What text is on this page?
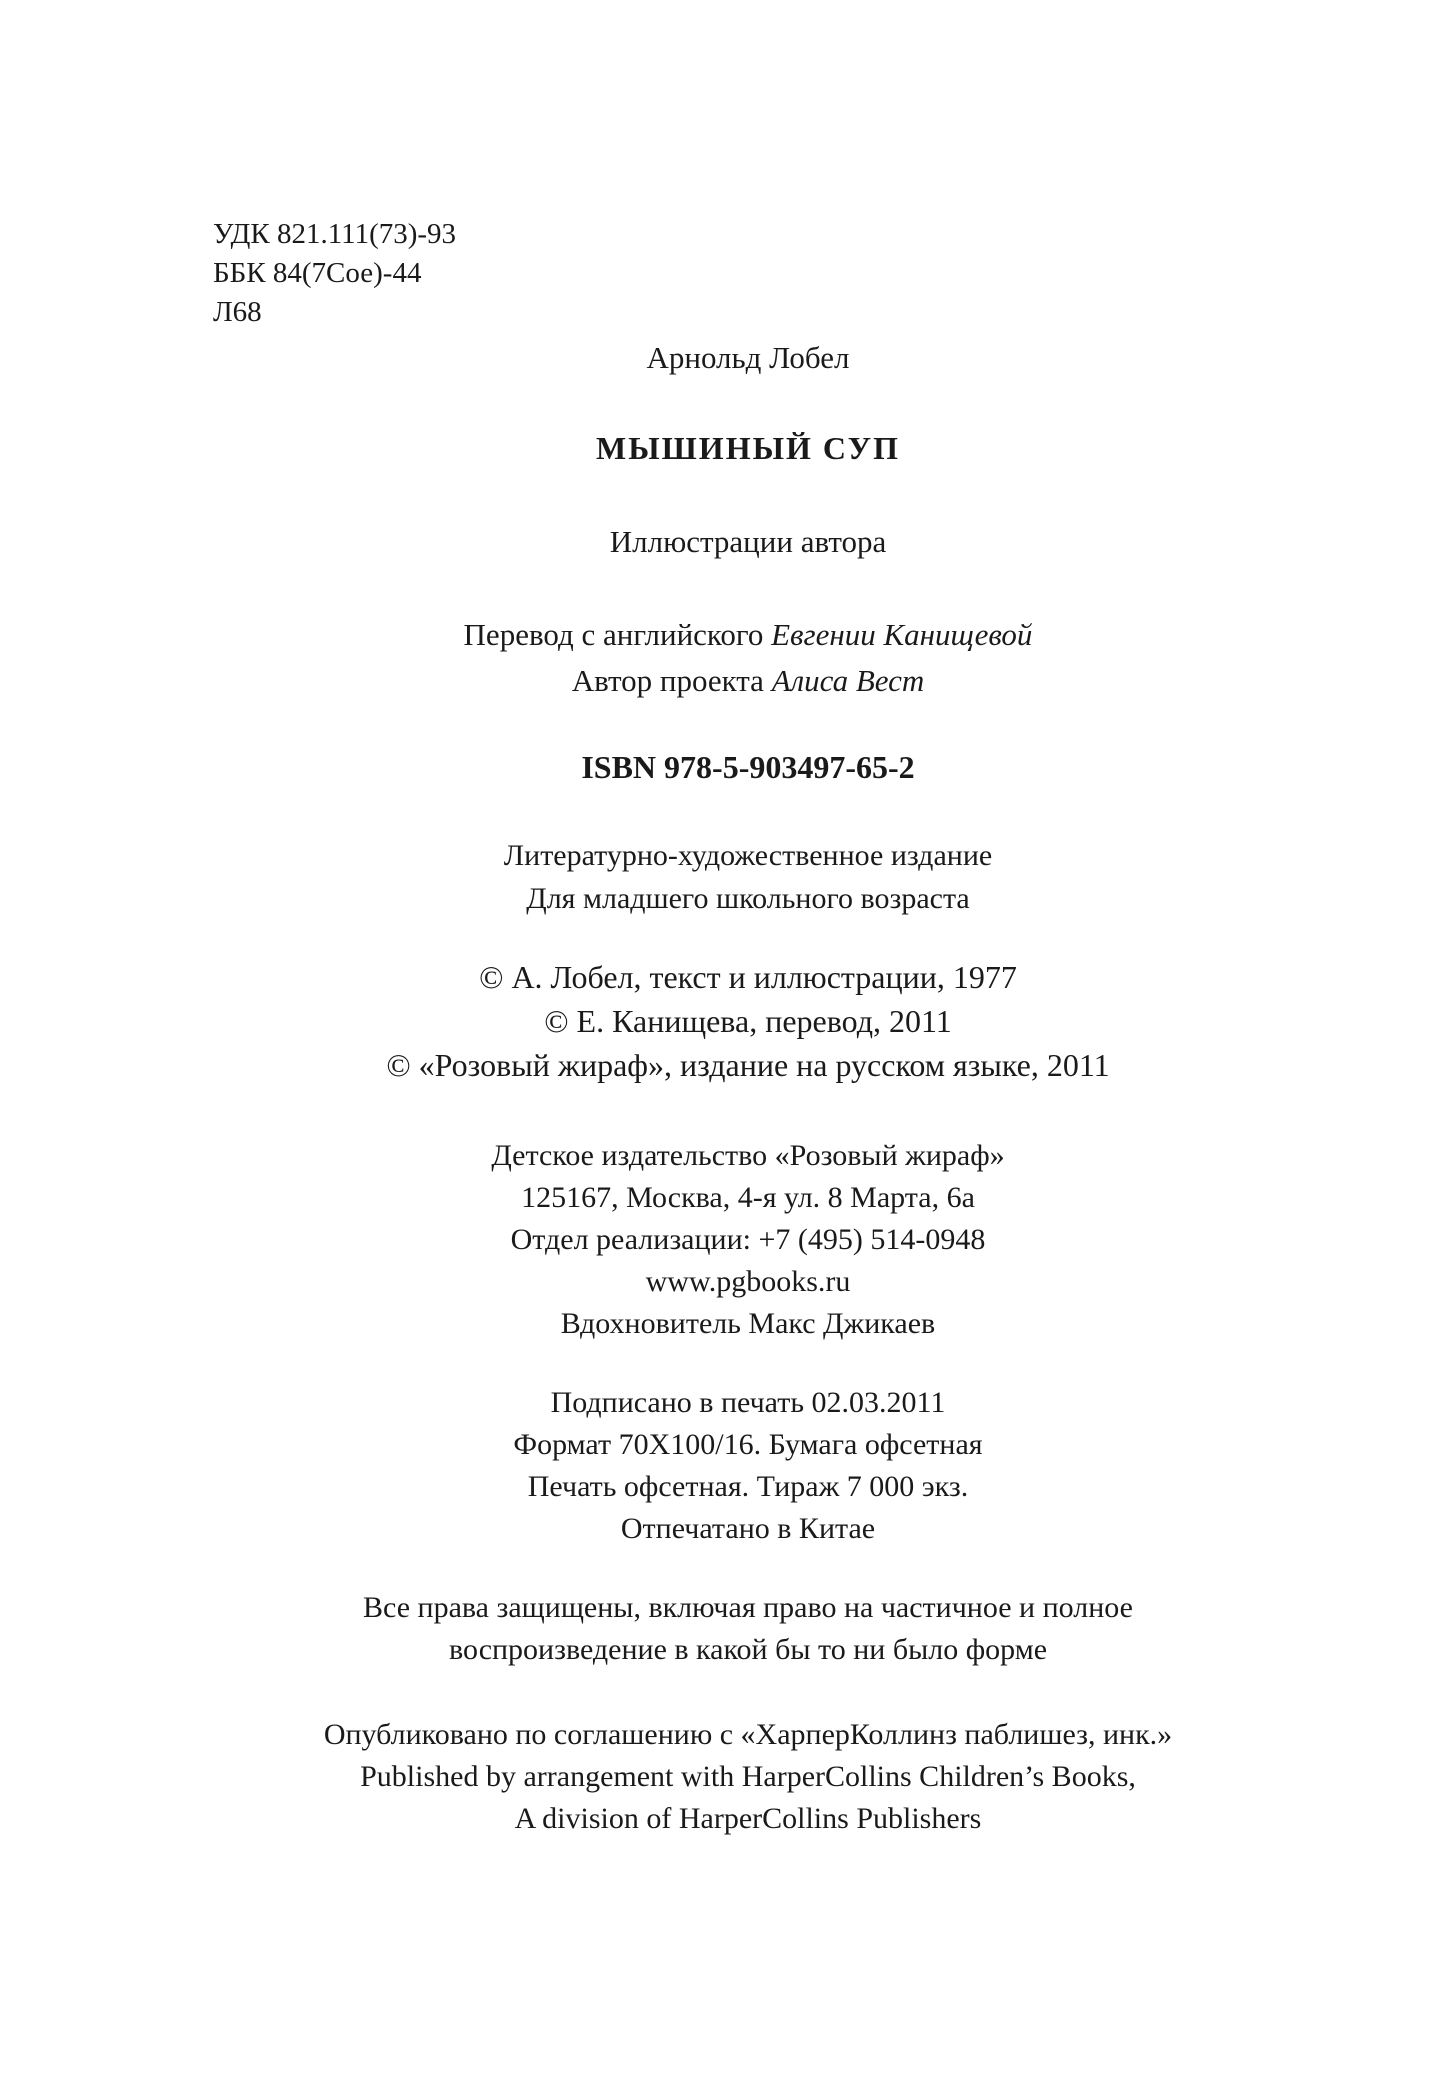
УДК 821.111(73)-93
ББК 84(7Сое)-44
Л68
Арнольд Лобел
МЫШИНЫЙ СУП
Иллюстрации автора
Перевод с английского Евгении Канищевой
Автор проекта Алиса Вест
ISBN 978-5-903497-65-2
Литературно-художественное издание
Для младшего школьного возраста
© А. Лобел, текст и иллюстрации, 1977
© Е. Канищева, перевод, 2011
© «Розовый жираф», издание на русском языке, 2011
Детское издательство «Розовый жираф»
125167, Москва, 4-я ул. 8 Марта, 6а
Отдел реализации: +7 (495) 514-0948
www.pgbooks.ru
Вдохновитель Макс Джикаев
Подписано в печать 02.03.2011
Формат 70X100/16. Бумага офсетная
Печать офсетная. Тираж 7 000 экз.
Отпечатано в Китае
Все права защищены, включая право на частичное и полное
воспроизведение в какой бы то ни было форме
Опубликовано по соглашению с «ХарперКоллинз паблишез, инк.»
Published by arrangement with HarperCollins Children’s Books,
A division of HarperCollins Publishers
